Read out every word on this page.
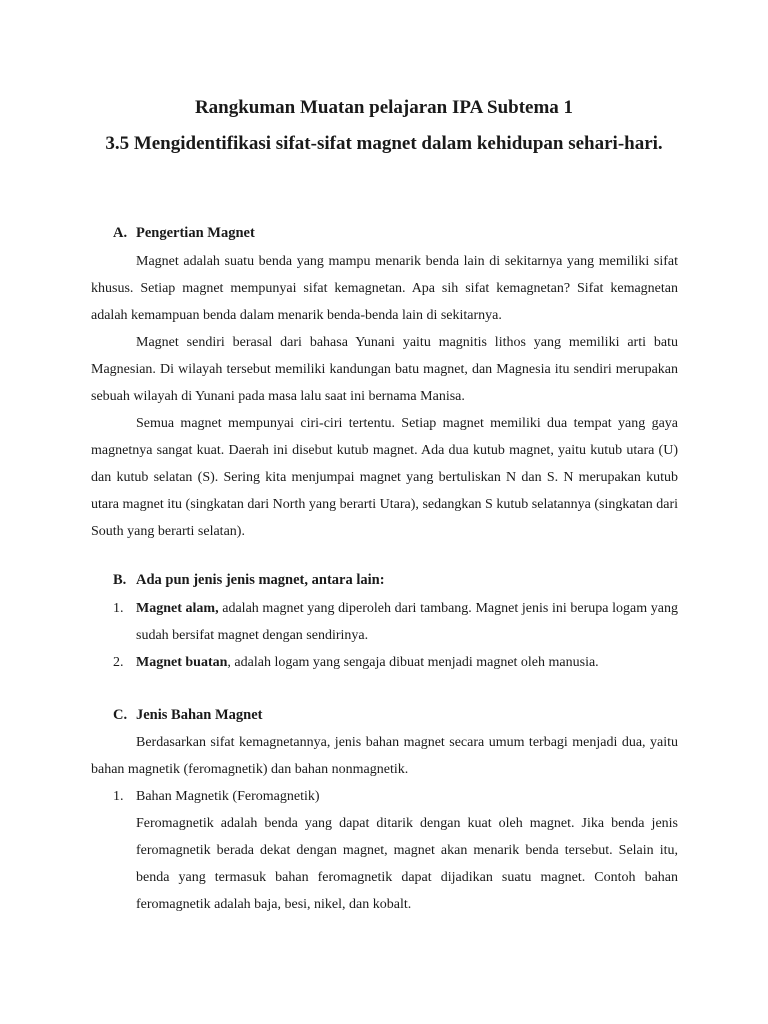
Rangkuman Muatan pelajaran IPA Subtema 1
3.5 Mengidentifikasi sifat-sifat magnet dalam kehidupan sehari-hari.

A. Pengertian Magnet

Magnet adalah suatu benda yang mampu menarik benda lain di sekitarnya yang memiliki sifat khusus. Setiap magnet mempunyai sifat kemagnetan. Apa sih sifat kemagnetan? Sifat kemagnetan adalah kemampuan benda dalam menarik benda-benda lain di sekitarnya.

Magnet sendiri berasal dari bahasa Yunani yaitu magnitis lithos yang memiliki arti batu Magnesian. Di wilayah tersebut memiliki kandungan batu magnet, dan Magnesia itu sendiri merupakan sebuah wilayah di Yunani pada masa lalu saat ini bernama Manisa.

Semua magnet mempunyai ciri-ciri tertentu. Setiap magnet memiliki dua tempat yang gaya magnetnya sangat kuat. Daerah ini disebut kutub magnet. Ada dua kutub magnet, yaitu kutub utara (U) dan kutub selatan (S). Sering kita menjumpai magnet yang bertuliskan N dan S. N merupakan kutub utara magnet itu (singkatan dari North yang berarti Utara), sedangkan S kutub selatannya (singkatan dari South yang berarti selatan).

B. Ada pun jenis jenis magnet, antara lain:

1. Magnet alam, adalah magnet yang diperoleh dari tambang. Magnet jenis ini berupa logam yang sudah bersifat magnet dengan sendirinya.
2. Magnet buatan, adalah logam yang sengaja dibuat menjadi magnet oleh manusia.

C. Jenis Bahan Magnet

Berdasarkan sifat kemagnetannya, jenis bahan magnet secara umum terbagi menjadi dua, yaitu bahan magnetik (feromagnetik) dan bahan nonmagnetik.

1. Bahan Magnetik (Feromagnetik)

Feromagnetik adalah benda yang dapat ditarik dengan kuat oleh magnet. Jika benda jenis feromagnetik berada dekat dengan magnet, magnet akan menarik benda tersebut. Selain itu, benda yang termasuk bahan feromagnetik dapat dijadikan suatu magnet. Contoh bahan feromagnetik adalah baja, besi, nikel, dan kobalt.
